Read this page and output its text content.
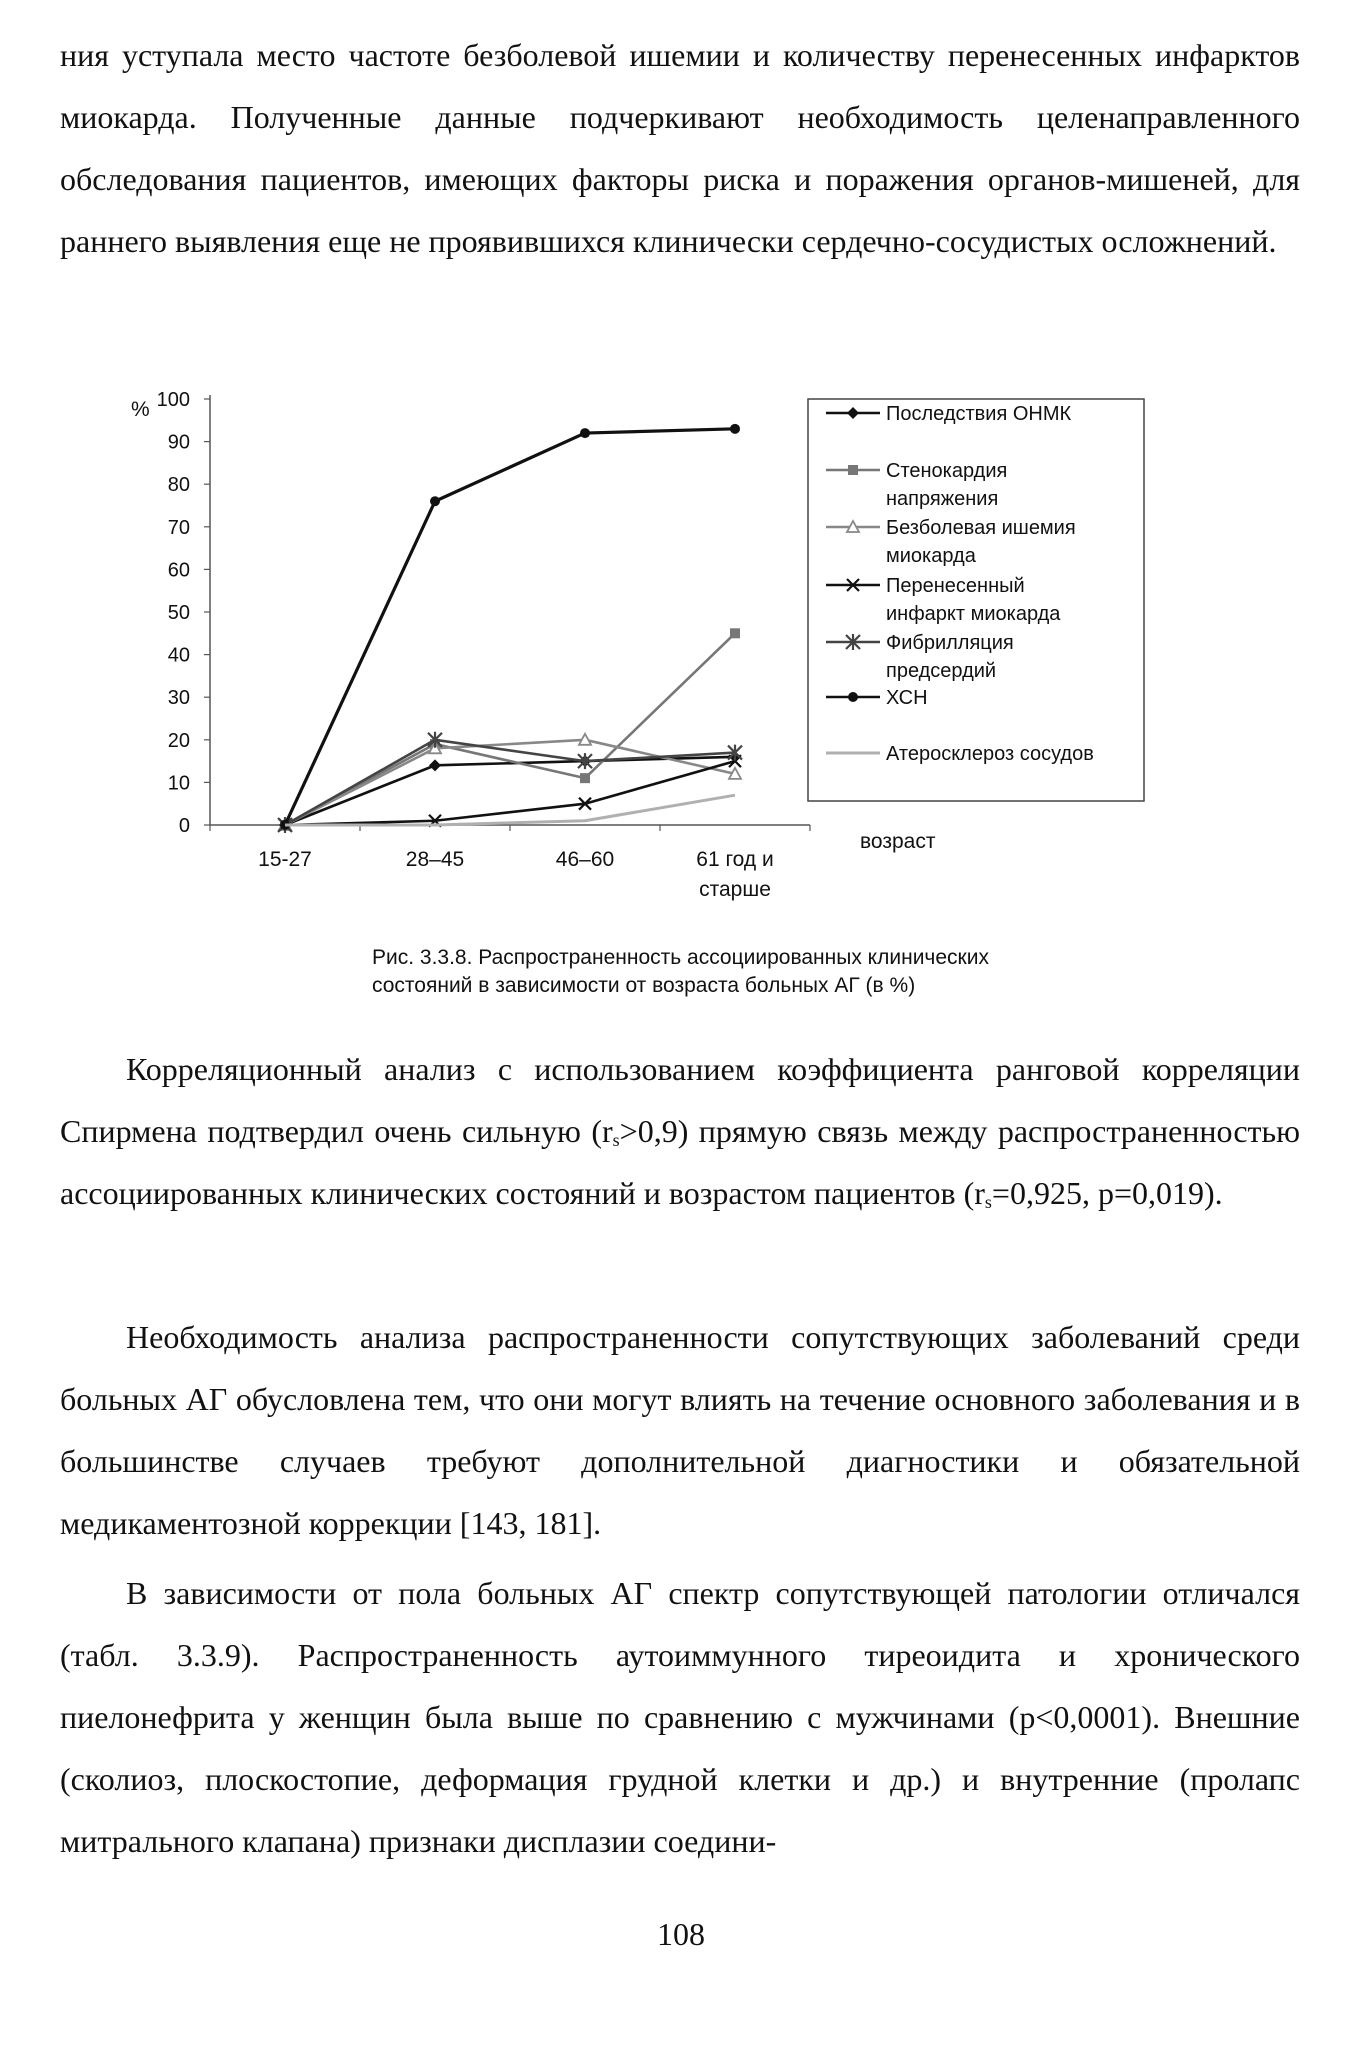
ния уступала место частоте безболевой ишемии и количеству перенесенных инфарктов миокарда. Полученные данные подчеркивают необходимость целенаправленного обследования пациентов, имеющих факторы риска и поражения органов-мишеней, для раннего выявления еще не проявившихся клинически сердечно-сосудистых осложнений.

0
10
20
30
40
50
60
70
80
90
100
%
15-27	28–45	46–60	61 год и
старше
возраст
Последствия ОНМК
Стенокардия
напряжения
Безболевая ишемия
миокарда
Перенесенный
инфаркт миокарда
Фибрилляция
предсердий
ХСН
Атеросклероз сосудов
Рис. 3.3.8. Распространенность ассоциированных клинических
состояний в зависимости от возраста больных АГ (в %)

Корреляционный анализ с использованием коэффициента ранговой корреляции Спирмена подтвердил очень сильную $(r_s>0,9)$ прямую связь между распространенностью ассоциированных клинических состояний и возрастом пациентов ($r_s=0,925$, p=0,019).

Необходимость анализа распространенности сопутствующих заболеваний среди больных АГ обусловлена тем, что они могут влиять на течение основного заболевания и в большинстве случаев требуют дополнительной диагностики и обязательной медикаментозной коррекции [143, 181].

В зависимости от пола больных АГ спектр сопутствующей патологии отличался (табл. 3.3.9). Распространенность аутоиммунного тиреоидита и хронического пиелонефрита у женщин была выше по сравнению с мужчинами (p<0,0001). Внешние (сколиоз, плоскостопие, деформация грудной клетки и др.) и внутренние (пролапс митрального клапана) признаки дисплазии соедини-

108
